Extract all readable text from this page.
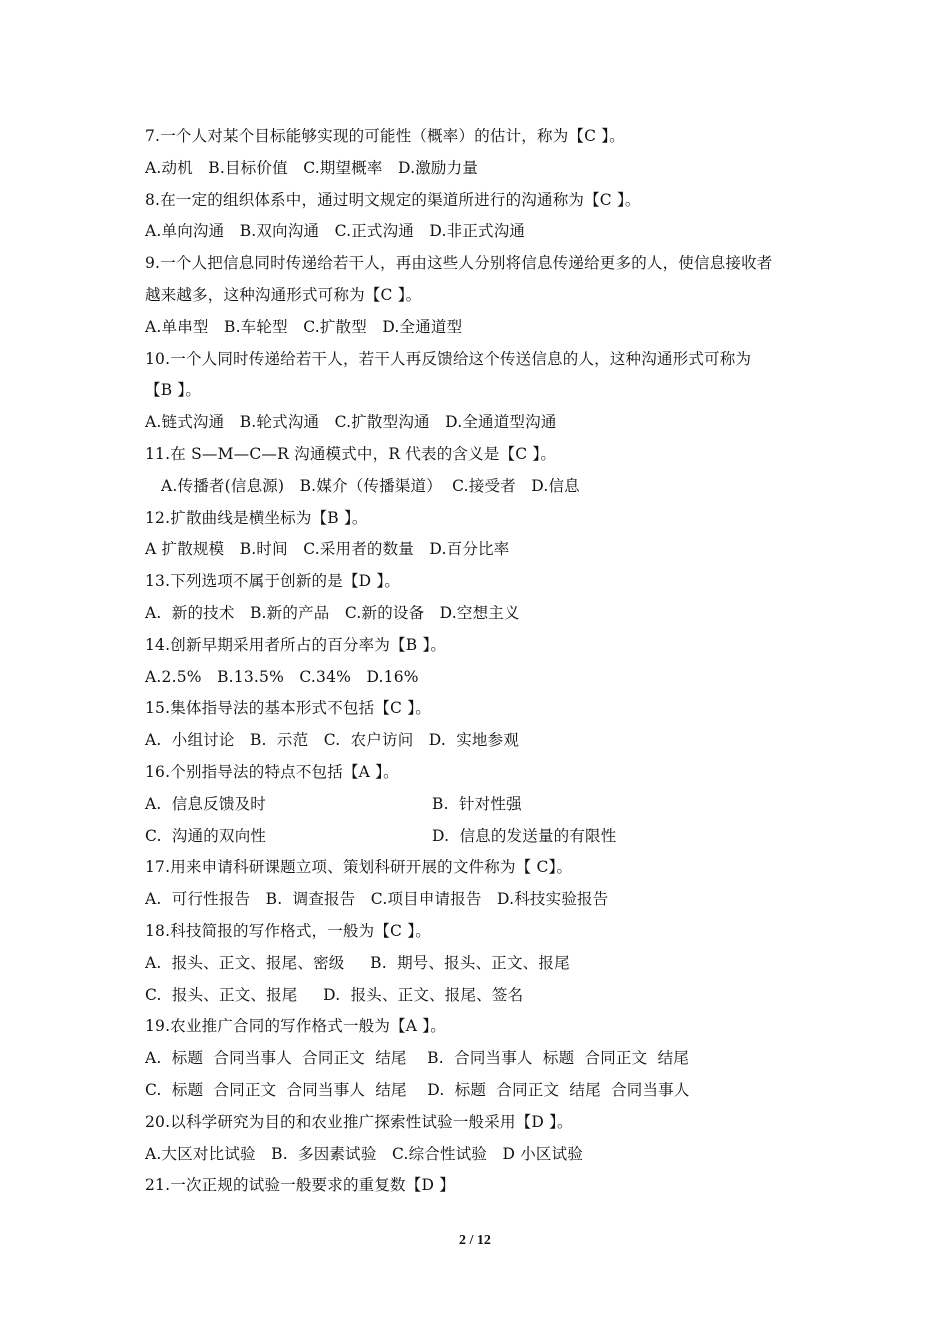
7.一个人对某个目标能够实现的可能性（概率）的估计，称为【C 】。
A.动机   B.目标价值   C.期望概率   D.激励力量
8.在一定的组织体系中，通过明文规定的渠道所进行的沟通称为【C 】。
A.单向沟通   B.双向沟通   C.正式沟通   D.非正式沟通
9.一个人把信息同时传递给若干人，再由这些人分别将信息传递给更多的人，使信息接收者
越来越多，这种沟通形式可称为【C 】。
A.单串型   B.车轮型   C.扩散型   D.全通道型
10.一个人同时传递给若干人，若干人再反馈给这个传送信息的人，这种沟通形式可称为
【B 】。
A.链式沟通   B.轮式沟通   C.扩散型沟通   D.全通道型沟通
11.在 S—M—C—R 沟通模式中，R 代表的含义是【C 】。
A.传播者(信息源)   B.媒介（传播渠道）  C.接受者   D.信息
12.扩散曲线是横坐标为【B 】。
A 扩散规模   B.时间   C.采用者的数量   D.百分比率
13.下列选项不属于创新的是【D 】。
A.  新的技术   B.新的产品   C.新的设备   D.空想主义
14.创新早期采用者所占的百分率为【B 】。
A.2.5%   B.13.5%   C.34%   D.16%
15.集体指导法的基本形式不包括【C 】。
A.  小组讨论   B.  示范   C.  农户访问   D.  实地参观
16.个别指导法的特点不包括【A 】。
A.  信息反馈及时	B.  针对性强
C.  沟通的双向性	D.  信息的发送量的有限性
17.用来申请科研课题立项、策划科研开展的文件称为【 C】。
A.  可行性报告   B.  调查报告   C.项目申请报告   D.科技实验报告
18.科技简报的写作格式，一般为【C 】。
A.  报头、正文、报尾、密级     B.  期号、报头、正文、报尾
C.  报头、正文、报尾     D.  报头、正文、报尾、签名
19.农业推广合同的写作格式一般为【A 】。
A.  标题  合同当事人  合同正文  结尾    B.  合同当事人  标题  合同正文  结尾
C.  标题  合同正文  合同当事人  结尾    D.  标题  合同正文  结尾  合同当事人
20.以科学研究为目的和农业推广探索性试验一般采用【D 】。
A.大区对比试验   B.  多因素试验   C.综合性试验   D 小区试验
21.一次正规的试验一般要求的重复数【D 】
2 / 12
